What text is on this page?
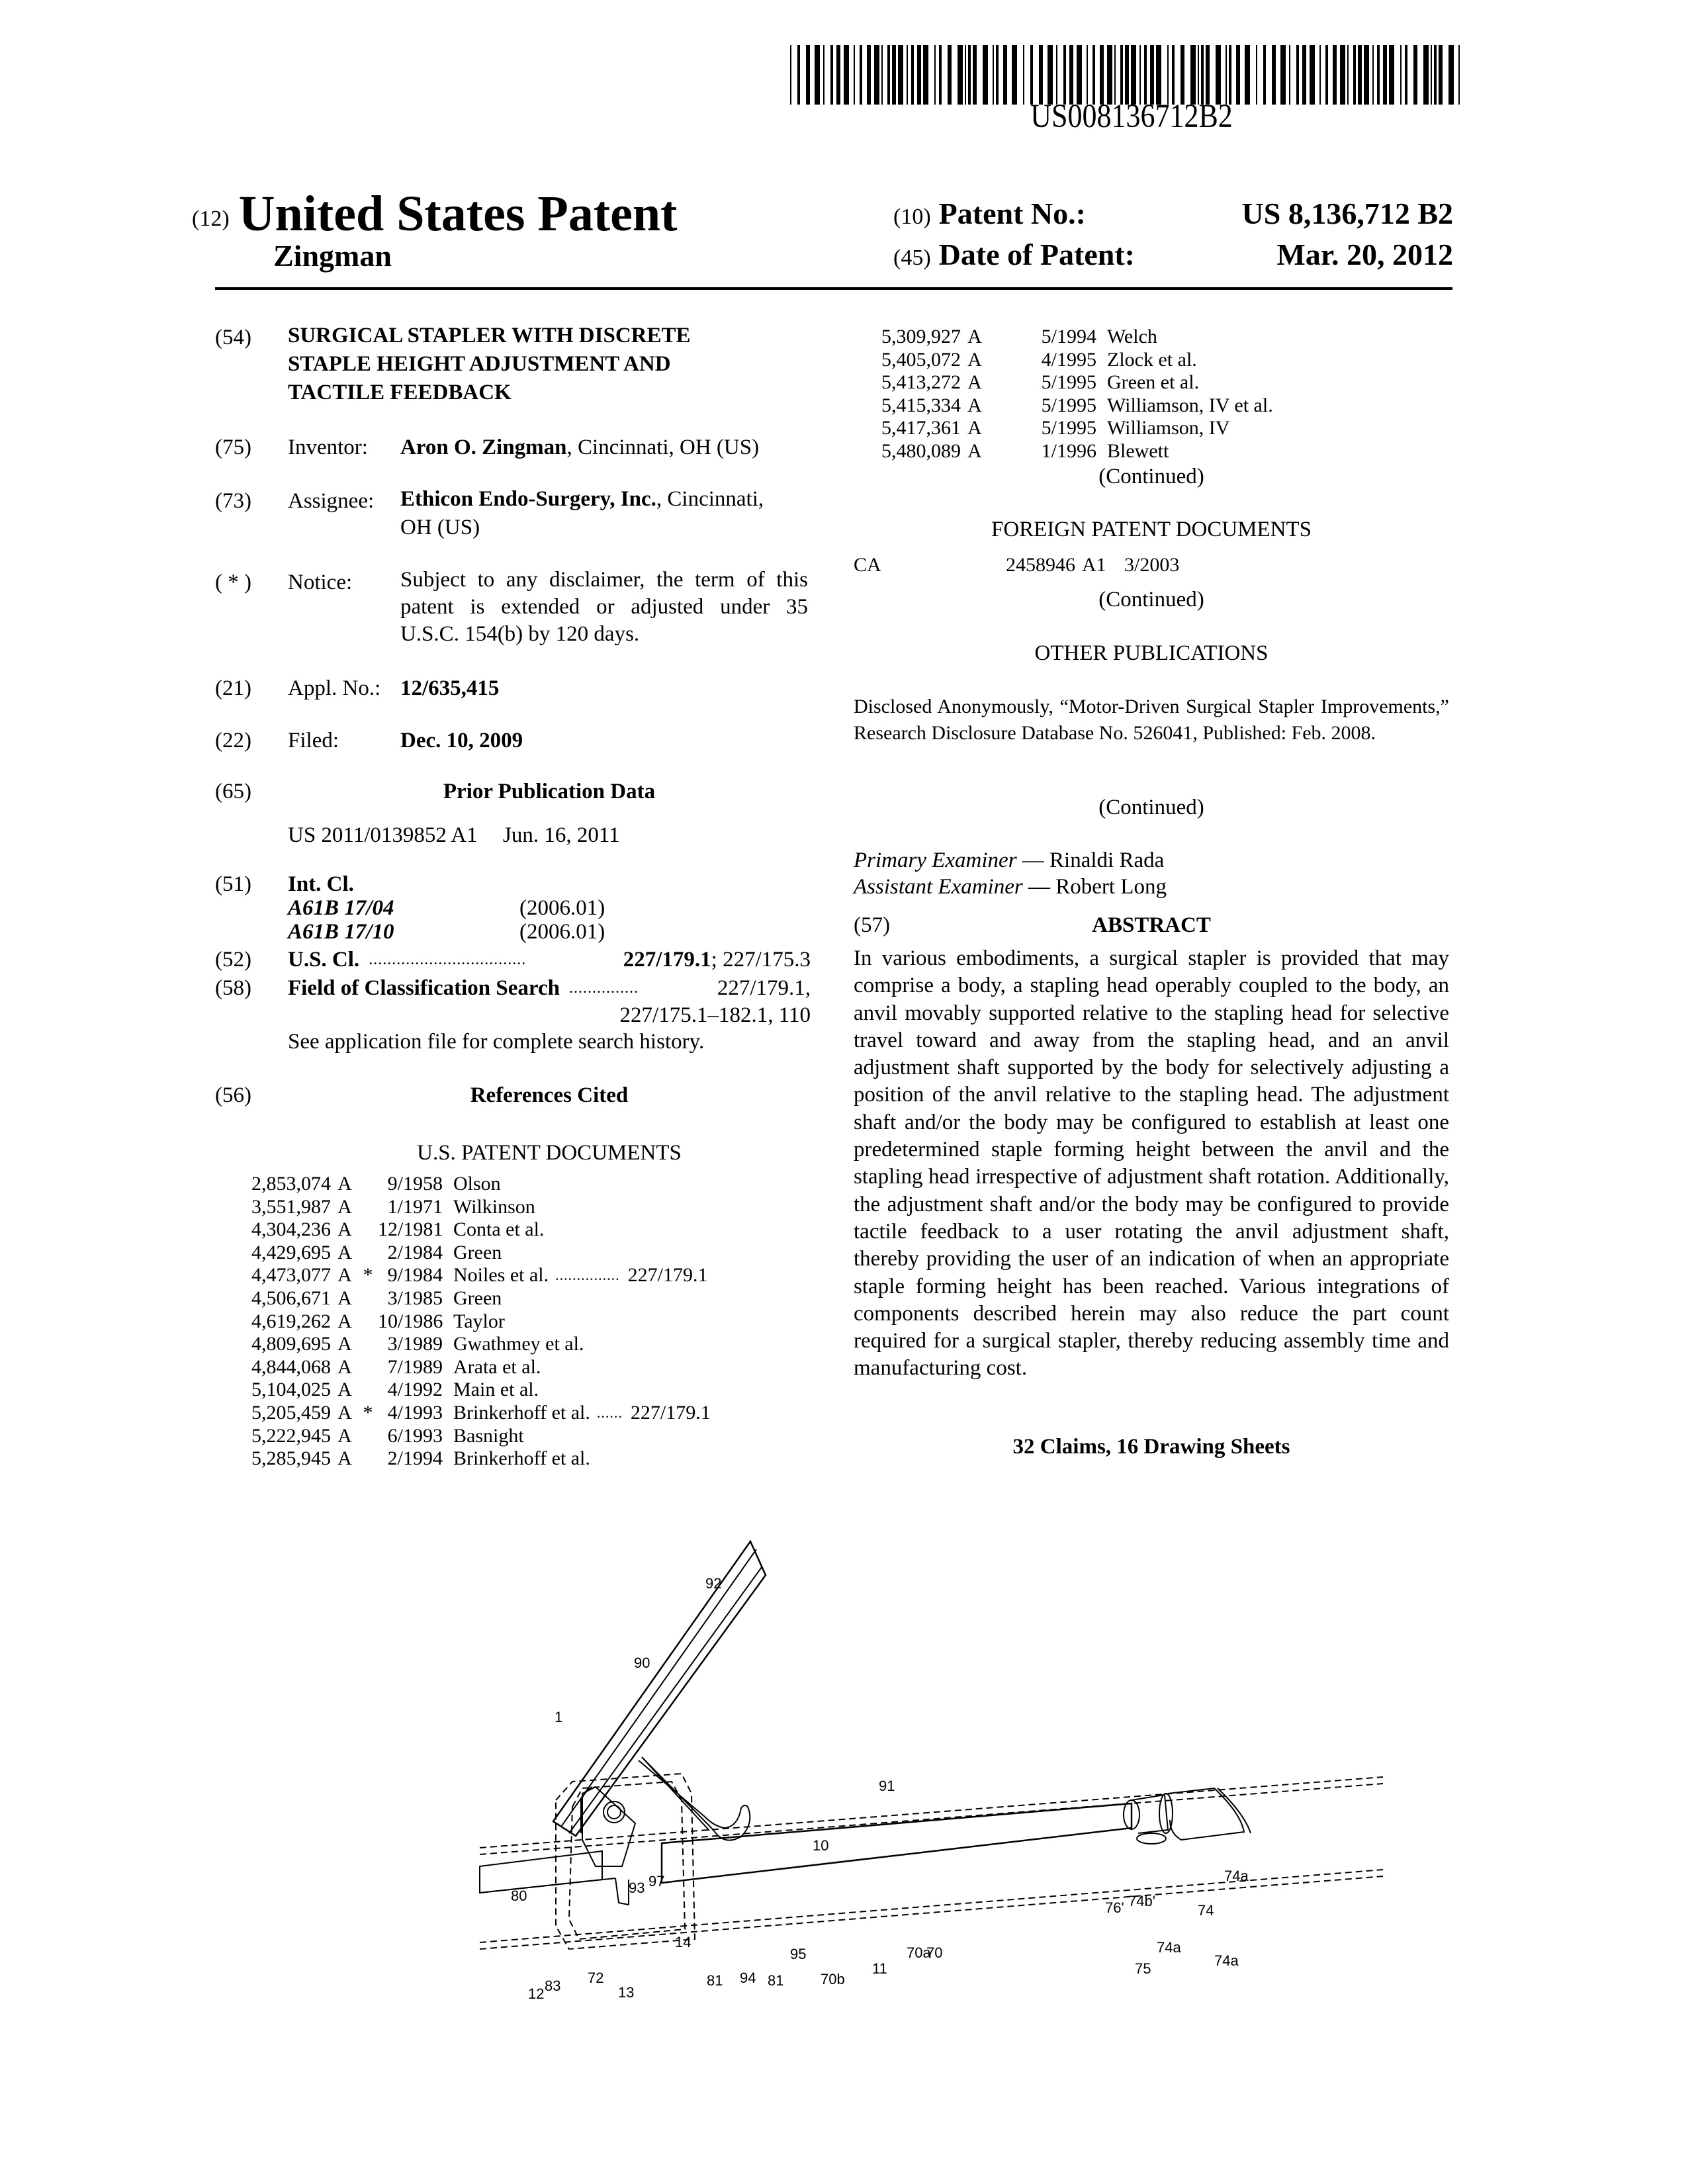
US008136712B2
(12) United States Patent
Zingman
(10) Patent No.:	US 8,136,712 B2
(45) Date of Patent:	Mar. 20, 2012
(54)	SURGICAL STAPLER WITH DISCRETE
STAPLE HEIGHT ADJUSTMENT AND
TACTILE FEEDBACK
(75)	Inventor:	Aron O. Zingman, Cincinnati, OH (US)
(73)	Assignee:	Ethicon Endo-Surgery, Inc., Cincinnati,
OH (US)
( * )	Notice:	Subject to any disclaimer, the term of this
patent is extended or adjusted under 35
U.S.C. 154(b) by 120 days.
(21)	Appl. No.: 12/635,415
(22)	Filed:	Dec. 10, 2009
(65)	Prior Publication Data
US 2011/0139852 A1	Jun. 16, 2011
(51)	Int. Cl.
A61B 17/04	(2006.01)
A61B 17/10	(2006.01)
(52)	U.S. Cl. ..................................	227/179.1; 227/175.3
(58)	Field of Classification Search ...............	227/179.1,
227/175.1–182.1, 110
See application file for complete search history.
(56)	References Cited
U.S. PATENT DOCUMENTS
2,853,074 A	9/1958 Olson
3,551,987 A	1/1971 Wilkinson
4,304,236 A	12/1981 Conta et al.
4,429,695 A	2/1984 Green
4,473,077 A * 9/1984 Noiles et al. ............... 227/179.1
4,506,671 A	3/1985 Green
4,619,262 A	10/1986 Taylor
4,809,695 A	3/1989 Gwathmey et al.
4,844,068 A	7/1989 Arata et al.
5,104,025 A	4/1992 Main et al.
5,205,459 A * 4/1993 Brinkerhoff et al. ...... 227/179.1
5,222,945 A	6/1993 Basnight
5,285,945 A	2/1994 Brinkerhoff et al.
5,309,927 A	5/1994 Welch
5,405,072 A	4/1995 Zlock et al.
5,413,272 A	5/1995 Green et al.
5,415,334 A	5/1995 Williamson, IV et al.
5,417,361 A	5/1995 Williamson, IV
5,480,089 A	1/1996 Blewett
(Continued)
FOREIGN PATENT DOCUMENTS
CA	2458946 A1 3/2003
(Continued)
OTHER PUBLICATIONS
Disclosed Anonymously, “Motor-Driven Surgical Stapler Improvements,” Research Disclosure Database No. 526041, Published: Feb. 2008.
(Continued)
Primary Examiner — Rinaldi Rada
Assistant Examiner — Robert Long
(57)	ABSTRACT
In various embodiments, a surgical stapler is provided that may comprise a body, a stapling head operably coupled to the body, an anvil movably supported relative to the stapling head for selective travel toward and away from the stapling head, and an anvil adjustment shaft supported by the body for selectively adjusting a position of the anvil relative to the stapling head. The adjustment shaft and/or the body may be configured to establish at least one predetermined staple forming height between the anvil and the stapling head irrespective of adjustment shaft rotation. Additionally, the adjustment shaft and/or the body may be configured to provide tactile feedback to a user rotating the anvil adjustment shaft, thereby providing the user of an indication of when an appropriate staple forming height has been reached. Various integrations of components described herein may also reduce the part count required for a surgical stapler, thereby reducing assembly time and manufacturing cost.
32 Claims, 16 Drawing Sheets
92
90
1
91
10
80	93 97
14
76' 74b'
74a
74
74a
74a
75
70
70a
11
70b
95
81
94
81
13
72
83
12
